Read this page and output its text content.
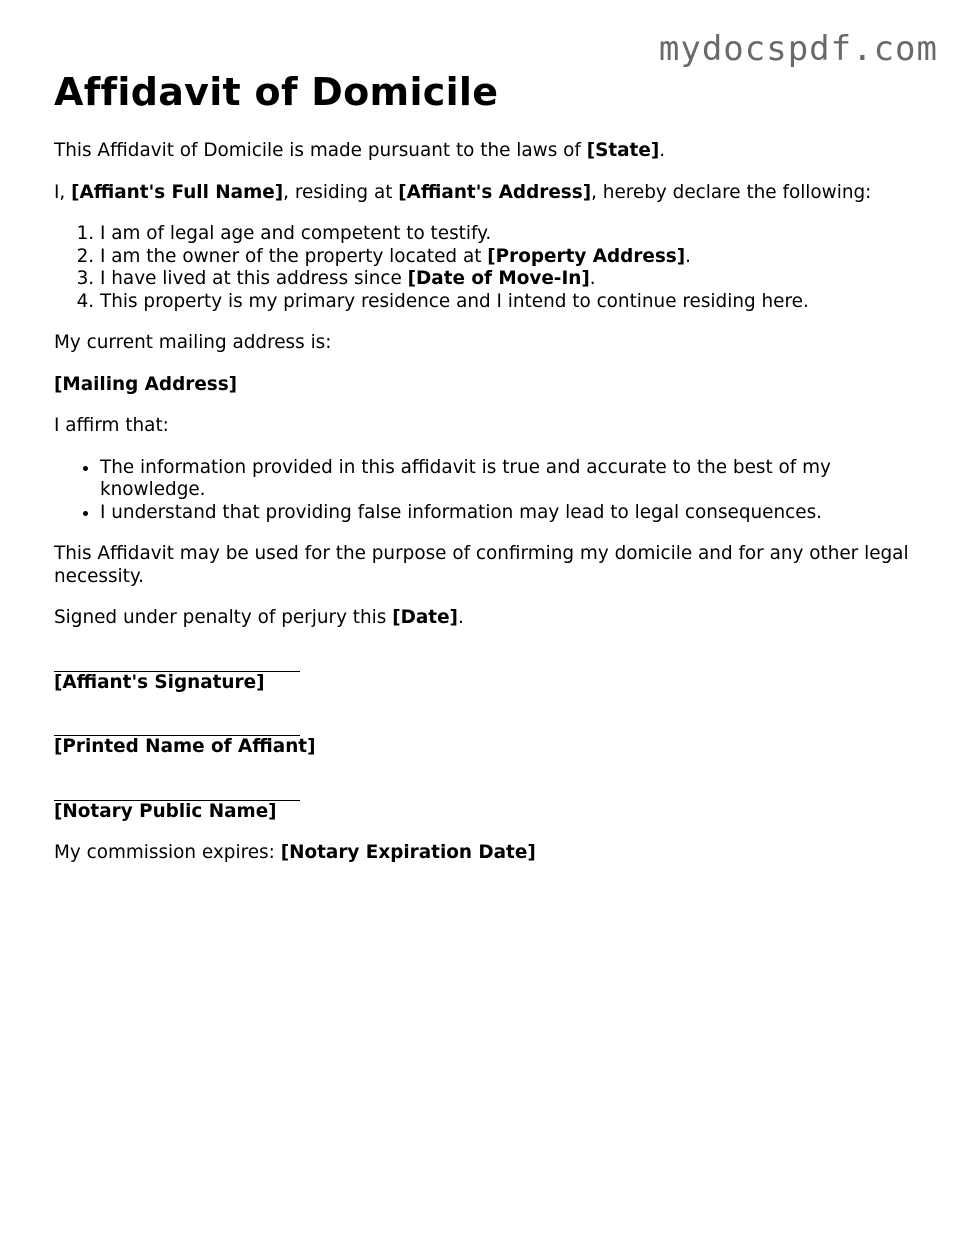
mydocspdf.com
Affidavit of Domicile

This Affidavit of Domicile is made pursuant to the laws of [State].

I, [Affiant's Full Name], residing at [Affiant's Address], hereby declare the following:

1. I am of legal age and competent to testify.
2. I am the owner of the property located at [Property Address].
3. I have lived at this address since [Date of Move-In].
4. This property is my primary residence and I intend to continue residing here.

My current mailing address is:

[Mailing Address]

I affirm that:

• The information provided in this affidavit is true and accurate to the best of my knowledge.
• I understand that providing false information may lead to legal consequences.

This Affidavit may be used for the purpose of confirming my domicile and for any other legal necessity.

Signed under penalty of perjury this [Date].

[Affiant's Signature]

[Printed Name of Affiant]

[Notary Public Name]

My commission expires: [Notary Expiration Date]
